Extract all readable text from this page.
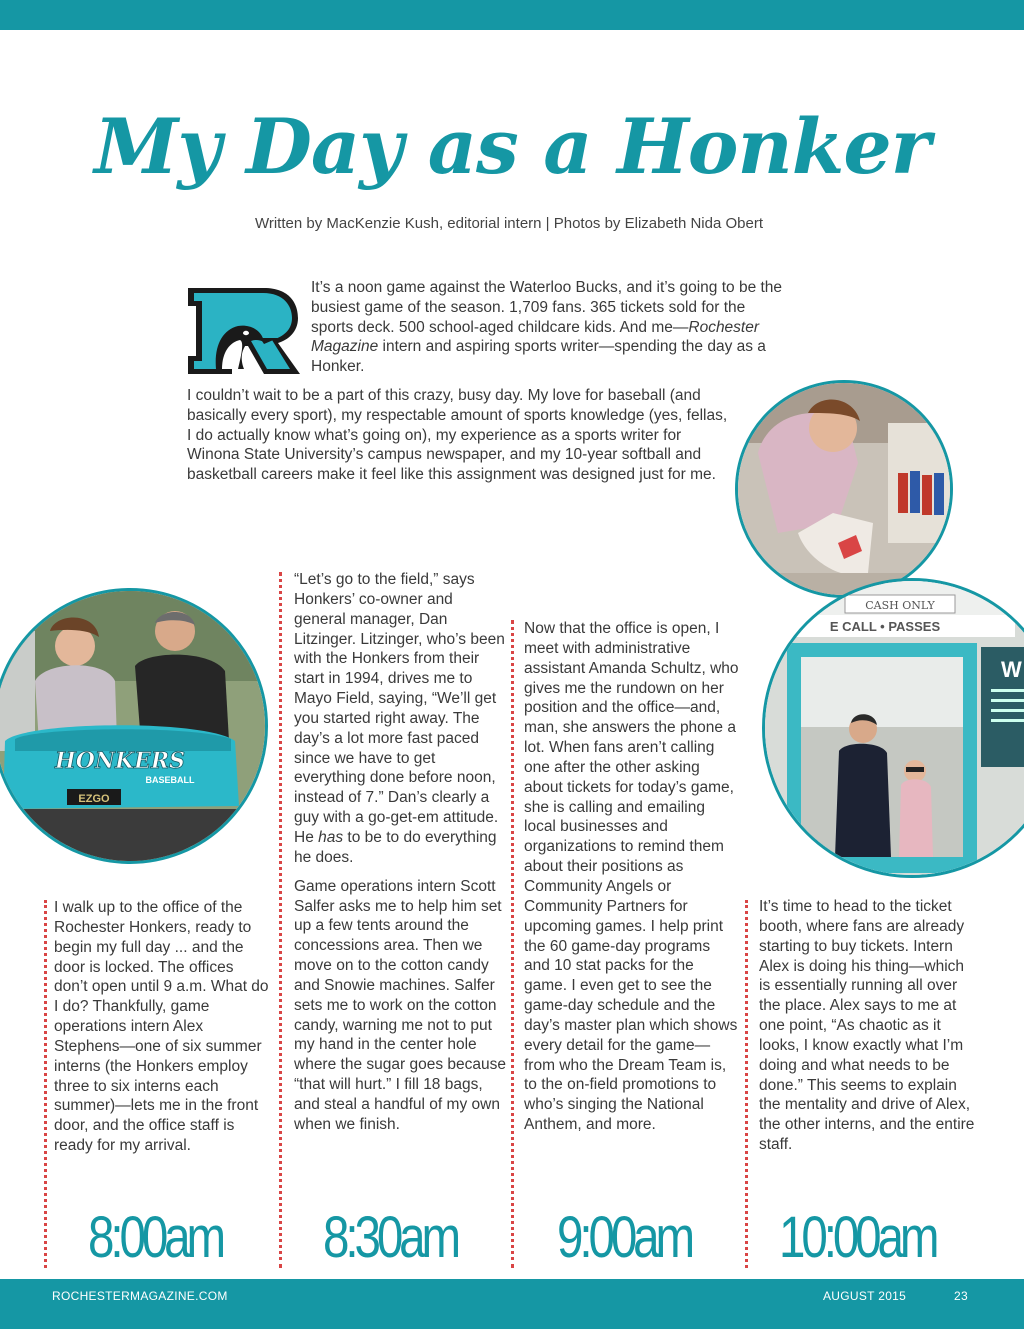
My Day as a Honker
Written by MacKenzie Kush, editorial intern | Photos by Elizabeth Nida Obert

It’s a noon game against the Waterloo Bucks, and it’s going to be the busiest game of the season. 1,709 fans. 365 tickets sold for the sports deck. 500 school-aged childcare kids. And me—Rochester Magazine intern and aspiring sports writer—spending the day as a Honker.

I couldn’t wait to be a part of this crazy, busy day. My love for baseball (and basically every sport), my respectable amount of sports knowledge (yes, fellas, I do actually know what’s going on), my experience as a sports writer for Winona State University’s campus newspaper, and my 10-year softball and basketball careers make it feel like this assignment was designed just for me.

HONKERS
BASEBALL
EZGO
CASH ONLY
E CALL • PASSES
W

I walk up to the office of the Rochester Honkers, ready to begin my full day ... and the door is locked. The offices don’t open until 9 a.m. What do I do? Thankfully, game operations intern Alex Stephens—one of six summer interns (the Honkers employ three to six interns each summer)—lets me in the front door, and the office staff is ready for my arrival.

“Let’s go to the field,” says Honkers’ co-owner and general manager, Dan Litzinger. Litzinger, who’s been with the Honkers from their start in 1994, drives me to Mayo Field, saying, “We’ll get you started right away. The day’s a lot more fast paced since we have to get everything done before noon, instead of 7.” Dan’s clearly a guy with a go-get-em attitude. He has to be to do everything he does.

Game operations intern Scott Salfer asks me to help him set up a few tents around the concessions area. Then we move on to the cotton candy and Snowie machines. Salfer sets me to work on the cotton candy, warning me not to put my hand in the center hole where the sugar goes because “that will hurt.” I fill 18 bags, and steal a handful of my own when we finish.

Now that the office is open, I meet with administrative assistant Amanda Schultz, who gives me the rundown on her position and the office—and, man, she answers the phone a lot. When fans aren’t calling one after the other asking about tickets for today’s game, she is calling and emailing local businesses and organizations to remind them about their positions as Community Angels or Community Partners for upcoming games. I help print the 60 game-day programs and 10 stat packs for the game. I even get to see the game-day schedule and the day’s master plan which shows every detail for the game—from who the Dream Team is, to the on-field promotions to who’s singing the National Anthem, and more.

It’s time to head to the ticket booth, where fans are already starting to buy tickets. Intern Alex is doing his thing—which is essentially running all over the place. Alex says to me at one point, “As chaotic as it looks, I know exactly what I’m doing and what needs to be done.” This seems to explain the mentality and drive of Alex, the other interns, and the entire staff.

8:00am 8:30am 9:00am 10:00am
ROCHESTERMAGAZINE.COM	AUGUST 2015	23
